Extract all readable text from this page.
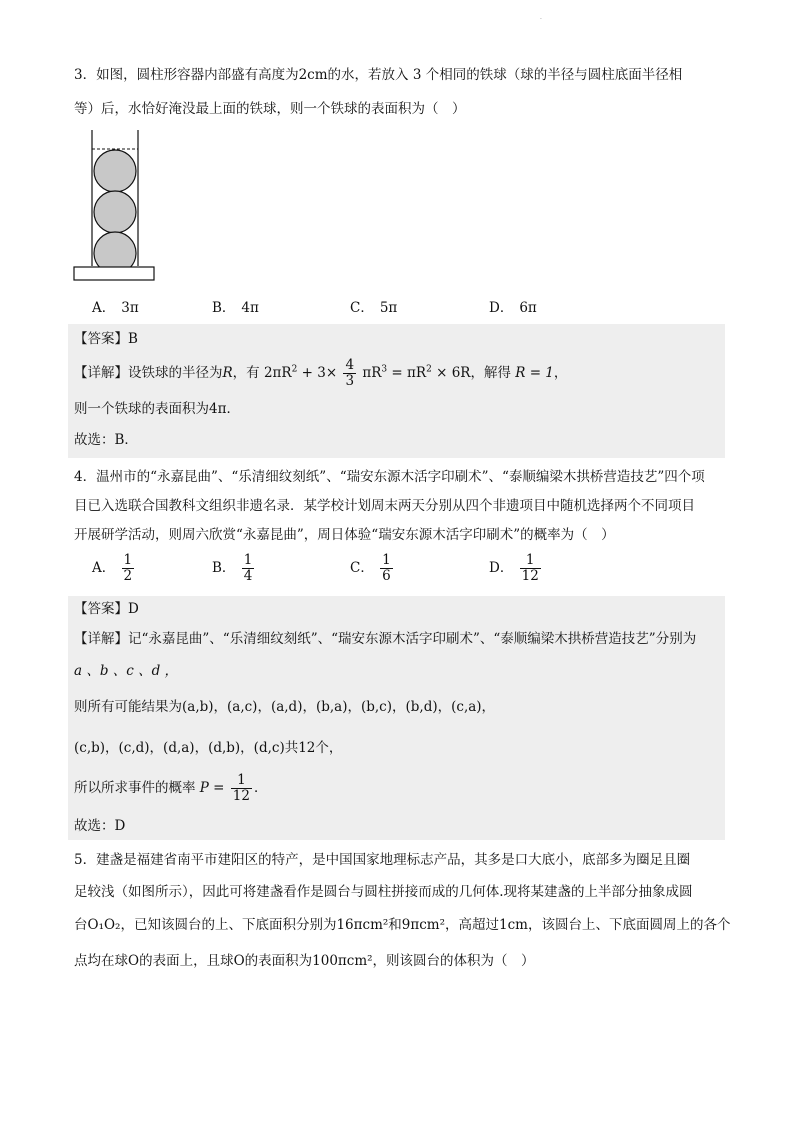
·
3．如图，圆柱形容器内部盛有高度为2cm的水，若放入 3 个相同的铁球（球的半径与圆柱底面半径相
等）后，水恰好淹没最上面的铁球，则一个铁球的表面积为（　）
A． 3π	B． 4π	C． 5π	D． 6π
【答案】B
【详解】设铁球的半径为R，有 $2\pi R^2 + 3\times \frac{4}{3} \pi R^3 = \pi R^2 \times 6R$，解得 R = 1，
则一个铁球的表面积为4π．
故选：B．
4．温州市的“永嘉昆曲”、“乐清细纹刻纸”、“瑞安东源木活字印刷术”、“泰顺编梁木拱桥营造技艺”四个项
目已入选联合国教科文组织非遗名录．某学校计划周末两天分别从四个非遗项目中随机选择两个不同项目
开展研学活动，则周六欣赏“永嘉昆曲”，周日体验“瑞安东源木活字印刷术”的概率为（　）
A． $\frac{1}{2}$	B． $\frac{1}{4}$	C． $\frac{1}{6}$	D． $\frac{1}{12}$
【答案】D
【详解】记“永嘉昆曲”、“乐清细纹刻纸”、“瑞安东源木活字印刷术”、“泰顺编梁木拱桥营造技艺”分别为
a 、b 、c 、d ，
则所有可能结果为(a,b)，(a,c)，(a,d)，(b,a)，(b,c)，(b,d)，(c,a)，
(c,b)，(c,d)，(d,a)，(d,b)，(d,c)共12个，
所以所求事件的概率 $P = \frac{1}{12}$ ．
故选：D
5．建盏是福建省南平市建阳区的特产，是中国国家地理标志产品，其多是口大底小，底部多为圈足且圈
足较浅（如图所示），因此可将建盏看作是圆台与圆柱拼接而成的几何体.现将某建盏的上半部分抽象成圆
台O₁O₂，已知该圆台的上、下底面积分别为16πcm²和9πcm²，高超过1cm，该圆台上、下底面圆周上的各个
点均在球O的表面上，且球O的表面积为100πcm²，则该圆台的体积为（　）
